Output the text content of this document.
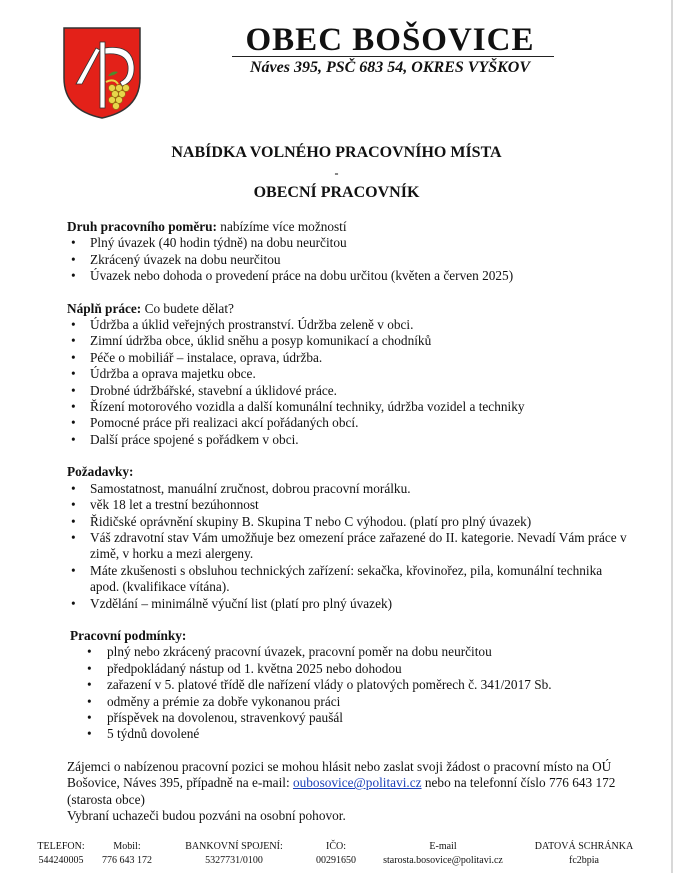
OBEC BOŠOVICE
Náves 395, PSČ 683 54, OKRES VYŠKOV
NABÍDKA VOLNÉHO PRACOVNÍHO MÍSTA
-
OBECNÍ PRACOVNÍK
Druh pracovního poměru: nabízíme více možností
• Plný úvazek (40 hodin týdně) na dobu neurčitou
• Zkrácený úvazek na dobu neurčitou
• Úvazek nebo dohoda o provedení práce na dobu určitou (květen a červen 2025)
Náplň práce: Co budete dělat?
• Údržba a úklid veřejných prostranství. Údržba zeleně v obci.
• Zimní údržba obce, úklid sněhu a posyp komunikací a chodníků
• Péče o mobiliář – instalace, oprava, údržba.
• Údržba a oprava majetku obce.
• Drobné údržbářské, stavební a úklidové práce.
• Řízení motorového vozidla a další komunální techniky, údržba vozidel a techniky
• Pomocné práce při realizaci akcí pořádaných obcí.
• Další práce spojené s pořádkem v obci.
Požadavky:
• Samostatnost, manuální zručnost, dobrou pracovní morálku.
• věk 18 let a trestní bezúhonnost
• Řidičské oprávnění skupiny B. Skupina T nebo C výhodou. (platí pro plný úvazek)
• Váš zdravotní stav Vám umožňuje bez omezení práce zařazené do II. kategorie. Nevadí Vám práce v zimě, v horku a mezi alergeny.
• Máte zkušenosti s obsluhou technických zařízení: sekačka, křovinořez, pila, komunální technika apod. (kvalifikace vítána).
• Vzdělání – minimálně výuční list (platí pro plný úvazek)
Pracovní podmínky:
• plný nebo zkrácený pracovní úvazek, pracovní poměr na dobu neurčitou
• předpokládaný nástup od 1. května 2025 nebo dohodou
• zařazení v 5. platové třídě dle nařízení vlády o platových poměrech č. 341/2017 Sb.
• odměny a prémie za dobře vykonanou práci
• příspěvek na dovolenou, stravenkový paušál
• 5 týdnů dovolené
Zájemci o nabízenou pracovní pozici se mohou hlásit nebo zaslat svoji žádost o pracovní místo na OÚ Bošovice, Náves 395, případně na e-mail: oubosovice@politavi.cz nebo na telefonní číslo 776 643 172 (starosta obce)
Vybraní uchazeči budou pozváni na osobní pohovor.
TELEFON:
544240005
Mobil:
776 643 172
BANKOVNÍ SPOJENÍ:
5327731/0100
IČO:
00291650
E-mail
starosta.bosovice@politavi.cz
DATOVÁ SCHRÁNKA
fc2bpia
